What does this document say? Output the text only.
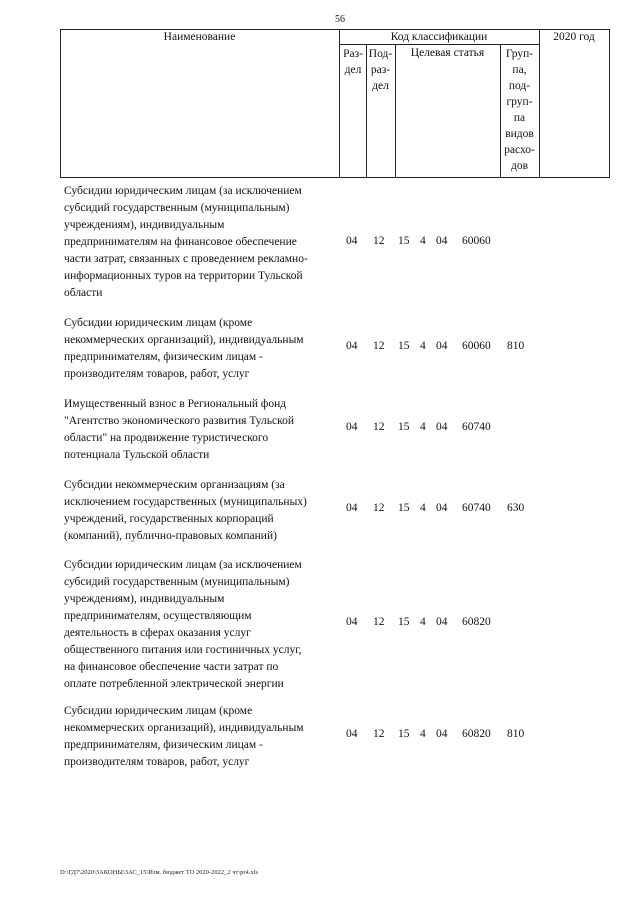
56
Наименование	Код классификации	2020 год
Целевая статья
Раз-
дел
Под-
раз-
дел
Груп-
па,
под-
груп-
па
видов
расхо-
дов
Субсидии юридическим лицам (за исключением
субсидий государственным (муниципальным)
учреждениям), индивидуальным
предпринимателям на финансовое обеспечение
части затрат, связанных с проведением рекламно-
информационных туров на территории Тульской
области
04 12 15 4 04 60060
Субсидии юридическим лицам (кроме
некоммерческих организаций), индивидуальным
предпринимателям, физическим лицам -
производителям товаров, работ, услуг
04 12 15 4 04 60060 810
Имущественный взнос в Региональный фонд
"Агентство экономического развития Тульской
области" на продвижение туристического
потенциала Тульской области
04 12 15 4 04 60740
Субсидии некоммерческим организациям (за
исключением государственных (муниципальных)
учреждений, государственных корпораций
(компаний), публично-правовых компаний)
04 12 15 4 04 60740 630
Субсидии юридическим лицам (за исключением
субсидий государственным (муниципальным)
учреждениям), индивидуальным
предпринимателям, осуществляющим
деятельность в сферах оказания услуг
общественного питания или гостиничных услуг,
на финансовое обеспечение части затрат по
оплате потребленной электрической энергии
04 12 15 4 04 60820
Субсидии юридическим лицам (кроме
некоммерческих организаций), индивидуальным
предпринимателям, физическим лицам -
производителям товаров, работ, услуг
04 12 15 4 04 60820 810
D:\ГД7\2020\ЗАКОНЫ\ЗАС_15\Изм. бюджет ТО 2020-2022_2 чт\pr4.xls
